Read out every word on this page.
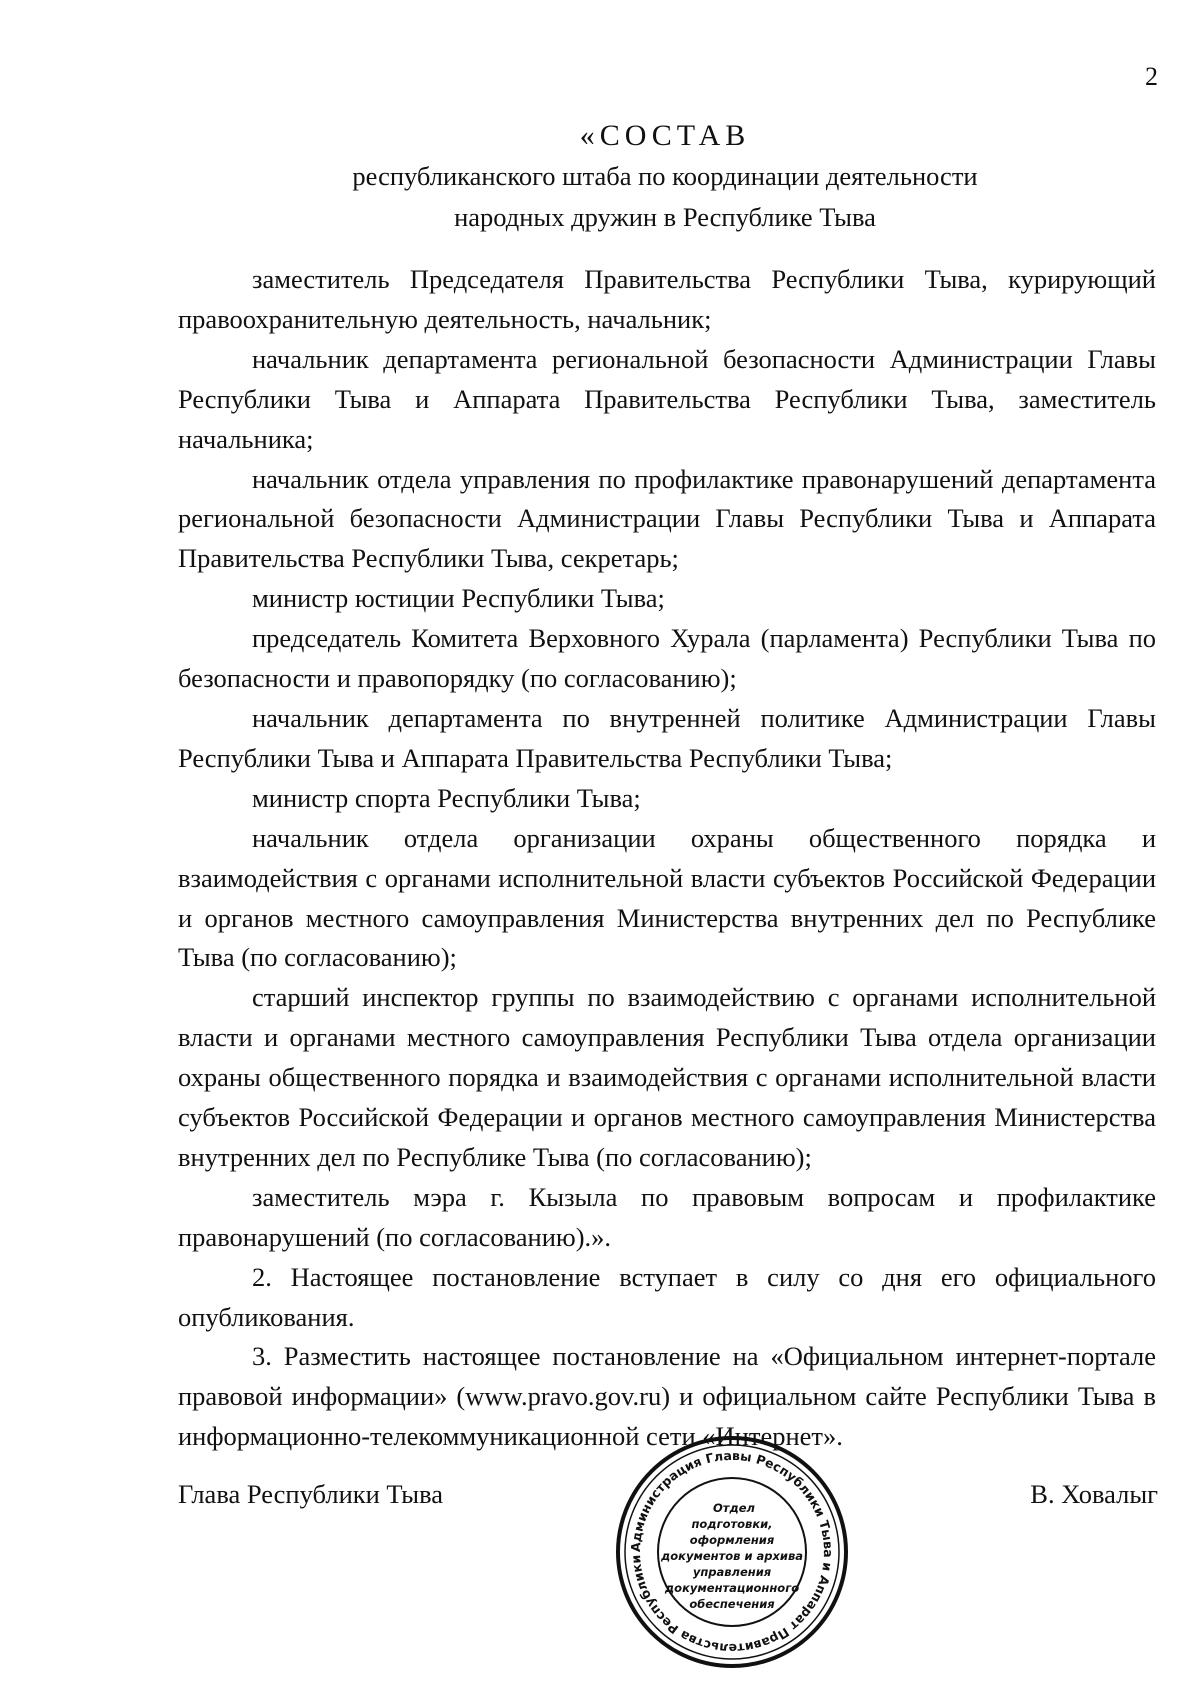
2
«СОСТАВ
республиканского штаба по координации деятельности
народных дружин в Республике Тыва

заместитель Председателя Правительства Республики Тыва, курирующий правоохранительную деятельность, начальник;

начальник департамента региональной безопасности Администрации Главы Республики Тыва и Аппарата Правительства Республики Тыва, заместитель начальника;

начальник отдела управления по профилактике правонарушений департамента региональной безопасности Администрации Главы Республики Тыва и Аппарата Правительства Республики Тыва, секретарь;

министр юстиции Республики Тыва;

председатель Комитета Верховного Хурала (парламента) Республики Тыва по безопасности и правопорядку (по согласованию);

начальник департамента по внутренней политике Администрации Главы Республики Тыва и Аппарата Правительства Республики Тыва;

министр спорта Республики Тыва;

начальник отдела организации охраны общественного порядка и взаимодействия с органами исполнительной власти субъектов Российской Федерации и органов местного самоуправления Министерства внутренних дел по Республике Тыва (по согласованию);

старший инспектор группы по взаимодействию с органами исполнительной власти и органами местного самоуправления Республики Тыва отдела организации охраны общественного порядка и взаимодействия с органами исполнительной власти субъектов Российской Федерации и органов местного самоуправления Министерства внутренних дел по Республике Тыва (по согласованию);

заместитель мэра г. Кызыла по правовым вопросам и профилактике правонарушений (по согласованию).».

2. Настоящее постановление вступает в силу со дня его официального опубликования.

3. Разместить настоящее постановление на «Официальном интернет-портале правовой информации» (www.pravo.gov.ru) и официальном сайте Республики Тыва в информационно-телекоммуникационной сети «Интернет».

Глава Республики Тыва	В. Ховалыг
Администрация Главы Республики Тыва и Аппарат Правительства Республики
Отдел
подготовки,
оформления
документов и архива
управления
документационного
обеспечения
